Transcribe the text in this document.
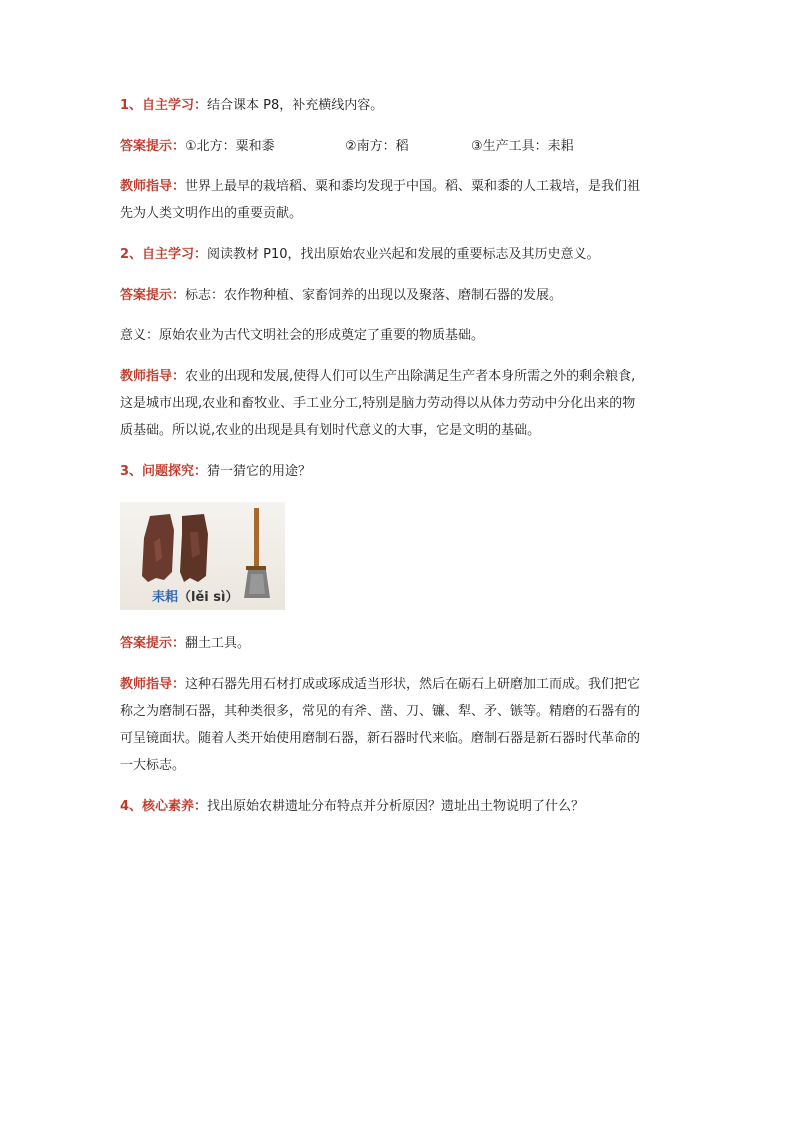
1、自主学习：结合课本 P8，补充横线内容。
答案提示：①北方：粟和黍	②南方：稻	③生产工具：耒耜
教师指导：世界上最早的栽培稻、粟和黍均发现于中国。稻、粟和黍的人工栽培，是我们祖
先为人类文明作出的重要贡献。
2、自主学习：阅读教材 P10，找出原始农业兴起和发展的重要标志及其历史意义。
答案提示：标志：农作物种植、家畜饲养的出现以及聚落、磨制石器的发展。
意义：原始农业为古代文明社会的形成奠定了重要的物质基础。
教师指导：农业的出现和发展,使得人们可以生产出除满足生产者本身所需之外的剩余粮食,
这是城市出现,农业和畜牧业、手工业分工,特别是脑力劳动得以从体力劳动中分化出来的物
质基础。所以说,农业的出现是具有划时代意义的大事，它是文明的基础。
3、问题探究：猜一猜它的用途？
耒耜（lěi sì）
答案提示：翻土工具。
教师指导：这种石器先用石材打成或琢成适当形状，然后在砺石上研磨加工而成。我们把它
称之为磨制石器，其种类很多，常见的有斧、凿、刀、镰、犁、矛、镞等。精磨的石器有的
可呈镜面状。随着人类开始使用磨制石器，新石器时代来临。磨制石器是新石器时代革命的
一大标志。
4、核心素养：找出原始农耕遗址分布特点并分析原因？遗址出土物说明了什么？
